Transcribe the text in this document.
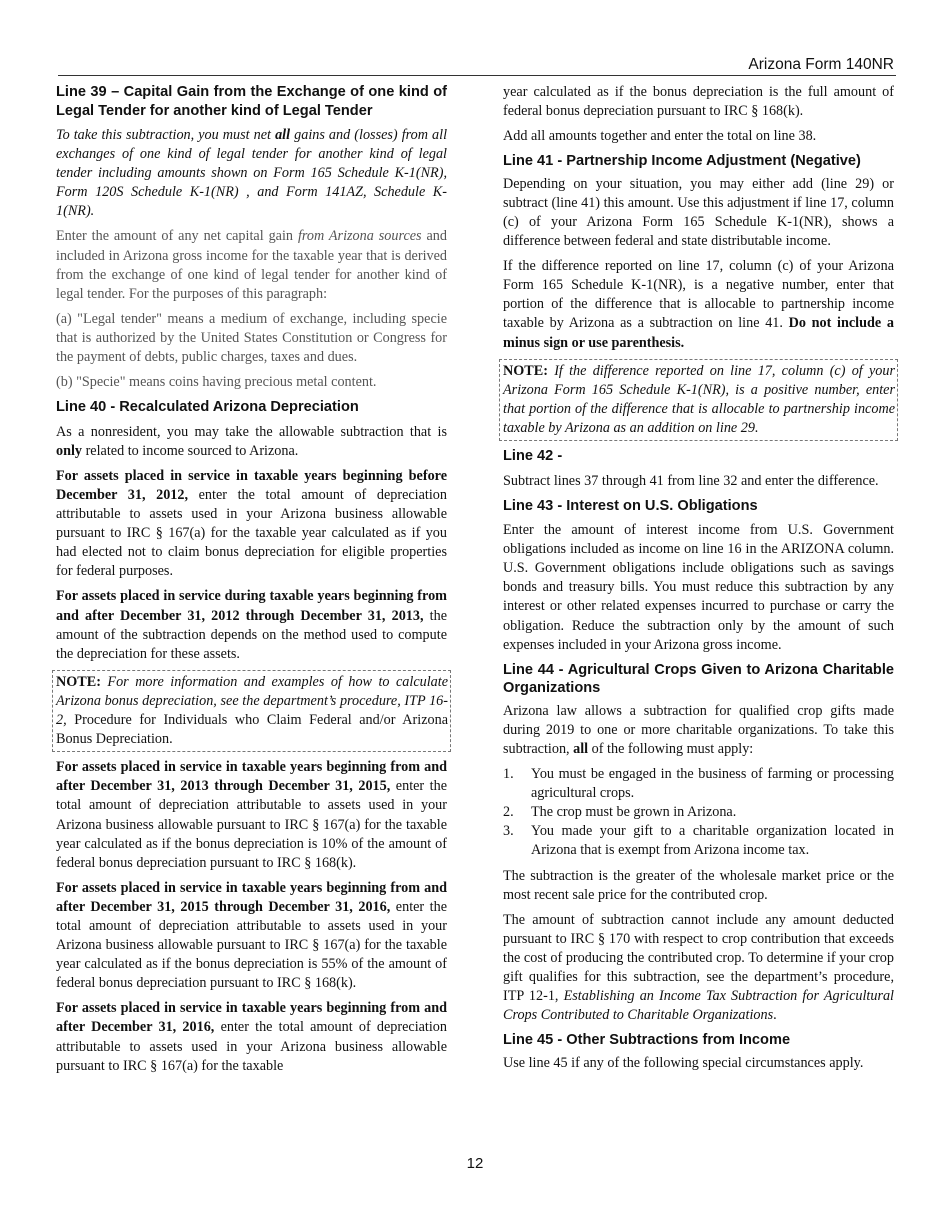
Arizona Form 140NR
Line 39 – Capital Gain from the Exchange of one kind of Legal Tender for another kind of Legal Tender

To take this subtraction, you must net all gains and (losses) from all exchanges of one kind of legal tender for another kind of legal tender including amounts shown on Form 165 Schedule K-1(NR), Form 120S Schedule K-1(NR) , and Form 141AZ, Schedule K-1(NR).

Enter the amount of any net capital gain from Arizona sources and included in Arizona gross income for the taxable year that is derived from the exchange of one kind of legal tender for another kind of legal tender. For the purposes of this paragraph:

(a) "Legal tender" means a medium of exchange, including specie that is authorized by the United States Constitution or Congress for the payment of debts, public charges, taxes and dues.

(b) "Specie" means coins having precious metal content.

Line 40 - Recalculated Arizona Depreciation

As a nonresident, you may take the allowable subtraction that is only related to income sourced to Arizona.

For assets placed in service in taxable years beginning before December 31, 2012, enter the total amount of depreciation attributable to assets used in your Arizona business allowable pursuant to IRC § 167(a) for the taxable year calculated as if you had elected not to claim bonus depreciation for eligible properties for federal purposes.

For assets placed in service during taxable years beginning from and after December 31, 2012 through December 31, 2013, the amount of the subtraction depends on the method used to compute the depreciation for these assets.

NOTE: For more information and examples of how to calculate Arizona bonus depreciation, see the department’s procedure, ITP 16-2, Procedure for Individuals who Claim Federal and/or Arizona Bonus Depreciation.

For assets placed in service in taxable years beginning from and after December 31, 2013 through December 31, 2015, enter the total amount of depreciation attributable to assets used in your Arizona business allowable pursuant to IRC § 167(a) for the taxable year calculated as if the bonus depreciation is 10% of the amount of federal bonus depreciation pursuant to IRC § 168(k).

For assets placed in service in taxable years beginning from and after December 31, 2015 through December 31, 2016, enter the total amount of depreciation attributable to assets used in your Arizona business allowable pursuant to IRC § 167(a) for the taxable year calculated as if the bonus depreciation is 55% of the amount of federal bonus depreciation pursuant to IRC § 168(k).

For assets placed in service in taxable years beginning from and after December 31, 2016, enter the total amount of depreciation attributable to assets used in your Arizona business allowable pursuant to IRC § 167(a) for the taxable

year calculated as if the bonus depreciation is the full amount of federal bonus depreciation pursuant to IRC § 168(k).

Add all amounts together and enter the total on line 38.

Line 41 - Partnership Income Adjustment (Negative)

Depending on your situation, you may either add (line 29) or subtract (line 41) this amount. Use this adjustment if line 17, column (c) of your Arizona Form 165 Schedule K-1(NR), shows a difference between federal and state distributable income.

If the difference reported on line 17, column (c) of your Arizona Form 165 Schedule K-1(NR), is a negative number, enter that portion of the difference that is allocable to partnership income taxable by Arizona as a subtraction on line 41. Do not include a minus sign or use parenthesis.

NOTE: If the difference reported on line 17, column (c) of your Arizona Form 165 Schedule K-1(NR), is a positive number, enter that portion of the difference that is allocable to partnership income taxable by Arizona as an addition on line 29.
Line 42 -

Subtract lines 37 through 41 from line 32 and enter the difference.

Line 43 - Interest on U.S. Obligations

Enter the amount of interest income from U.S. Government obligations included as income on line 16 in the ARIZONA column. U.S. Government obligations include obligations such as savings bonds and treasury bills. You must reduce this subtraction by any interest or other related expenses incurred to purchase or carry the obligation. Reduce the subtraction only by the amount of such expenses included in your Arizona gross income.

Line 44 - Agricultural Crops Given to Arizona Charitable Organizations

Arizona law allows a subtraction for qualified crop gifts made during 2019 to one or more charitable organizations. To take this subtraction, all of the following must apply:

1. You must be engaged in the business of farming or processing agricultural crops.
2. The crop must be grown in Arizona.
3. You made your gift to a charitable organization located in Arizona that is exempt from Arizona income tax.

The subtraction is the greater of the wholesale market price or the most recent sale price for the contributed crop.

The amount of subtraction cannot include any amount deducted pursuant to IRC § 170 with respect to crop contribution that exceeds the cost of producing the contributed crop. To determine if your crop gift qualifies for this subtraction, see the department’s procedure, ITP 12-1, Establishing an Income Tax Subtraction for Agricultural Crops Contributed to Charitable Organizations.

Line 45 - Other Subtractions from Income

Use line 45 if any of the following special circumstances apply.

12
